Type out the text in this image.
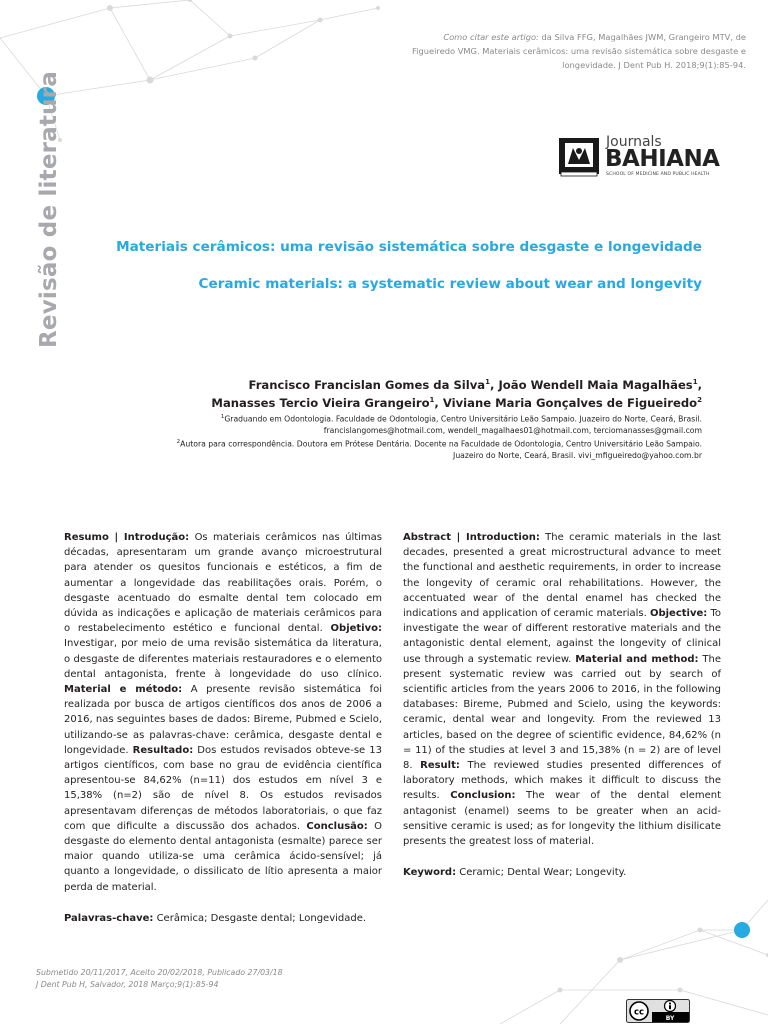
Como citar este artigo: da Silva FFG, Magalhães JWM, Grangeiro MTV, de Figueiredo VMG. Materiais cerâmicos: uma revisão sistemática sobre desgaste e longevidade. J Dent Pub H. 2018;9(1):85-94.
Journals
BAHIANA
SCHOOL OF MEDICINE AND PUBLIC HEALTH
Revisão de literatura	Materiais cerâmicos: uma revisão sistemática sobre desgaste e longevidade
Ceramic materials: a systematic review about wear and longevity
Francisco Francislan Gomes da Silva$^1$, João Wendell Maia Magalhães$^1$,
Manasses Tercio Vieira Grangeiro$^1$, Viviane Maria Gonçalves de Figueiredo$^2$
$^1$Graduando em Odontologia. Faculdade de Odontologia, Centro Universitário Leão Sampaio. Juazeiro do Norte, Ceará, Brasil.
francislangomes@hotmail.com, wendell_magalhaes01@hotmail.com, terciomanasses@gmail.com
$^2$Autora para correspondência. Doutora em Prótese Dentária. Docente na Faculdade de Odontologia, Centro Universitário Leão Sampaio.
Juazeiro do Norte, Ceará, Brasil. vivi_mfigueiredo@yahoo.com.br

Resumo | Introdução: Os materiais cerâmicos nas últimas décadas, apresentaram um grande avanço microestrutural para atender os quesitos funcionais e estéticos, a fim de aumentar a longevidade das reabilitações orais. Porém, o desgaste acentuado do esmalte dental tem colocado em dúvida as indicações e aplicação de materiais cerâmicos para o restabelecimento estético e funcional dental. Objetivo: Investigar, por meio de uma revisão sistemática da literatura, o desgaste de diferentes materiais restauradores e o elemento dental antagonista, frente à longevidade do uso clínico. Material e método: A presente revisão sistemática foi realizada por busca de artigos científicos dos anos de 2006 a 2016, nas seguintes bases de dados: Bireme, Pubmed e Scielo, utilizando-se as palavras-chave: cerâmica, desgaste dental e longevidade. Resultado: Dos estudos revisados obteve-se 13 artigos científicos, com base no grau de evidência científica apresentou-se 84,62% (n=11) dos estudos em nível 3 e 15,38% (n=2) são de nível 8. Os estudos revisados apresentavam diferenças de métodos laboratoriais, o que faz com que dificulte a discussão dos achados. Conclusão: O desgaste do elemento dental antagonista (esmalte) parece ser maior quando utiliza-se uma cerâmica ácido-sensível; já quanto a longevidade, o dissilicato de lítio apresenta a maior perda de material.

Palavras-chave: Cerâmica; Desgaste dental; Longevidade.

Abstract | Introduction: The ceramic materials in the last decades, presented a great microstructural advance to meet the functional and aesthetic requirements, in order to increase the longevity of ceramic oral rehabilitations. However, the accentuated wear of the dental enamel has checked the indications and application of ceramic materials. Objective: To investigate the wear of different restorative materials and the antagonistic dental element, against the longevity of clinical use through a systematic review. Material and method: The present systematic review was carried out by search of scientific articles from the years 2006 to 2016, in the following databases: Bireme, Pubmed and Scielo, using the keywords: ceramic, dental wear and longevity. From the reviewed 13 articles, based on the degree of scientific evidence, 84,62% (n = 11) of the studies at level 3 and 15,38% (n = 2) are of level 8. Result: The reviewed studies presented differences of laboratory methods, which makes it difficult to discuss the results. Conclusion: The wear of the dental element antagonist (enamel) seems to be greater when an acid-sensitive ceramic is used; as for longevity the lithium disilicate presents the greatest loss of material.

Keyword: Ceramic; Dental Wear; Longevity.

Submetido 20/11/2017, Aceito 20/02/2018, Publicado 27/03/18
J Dent Pub H, Salvador, 2018 Março;9(1):85-94
cc
BY
